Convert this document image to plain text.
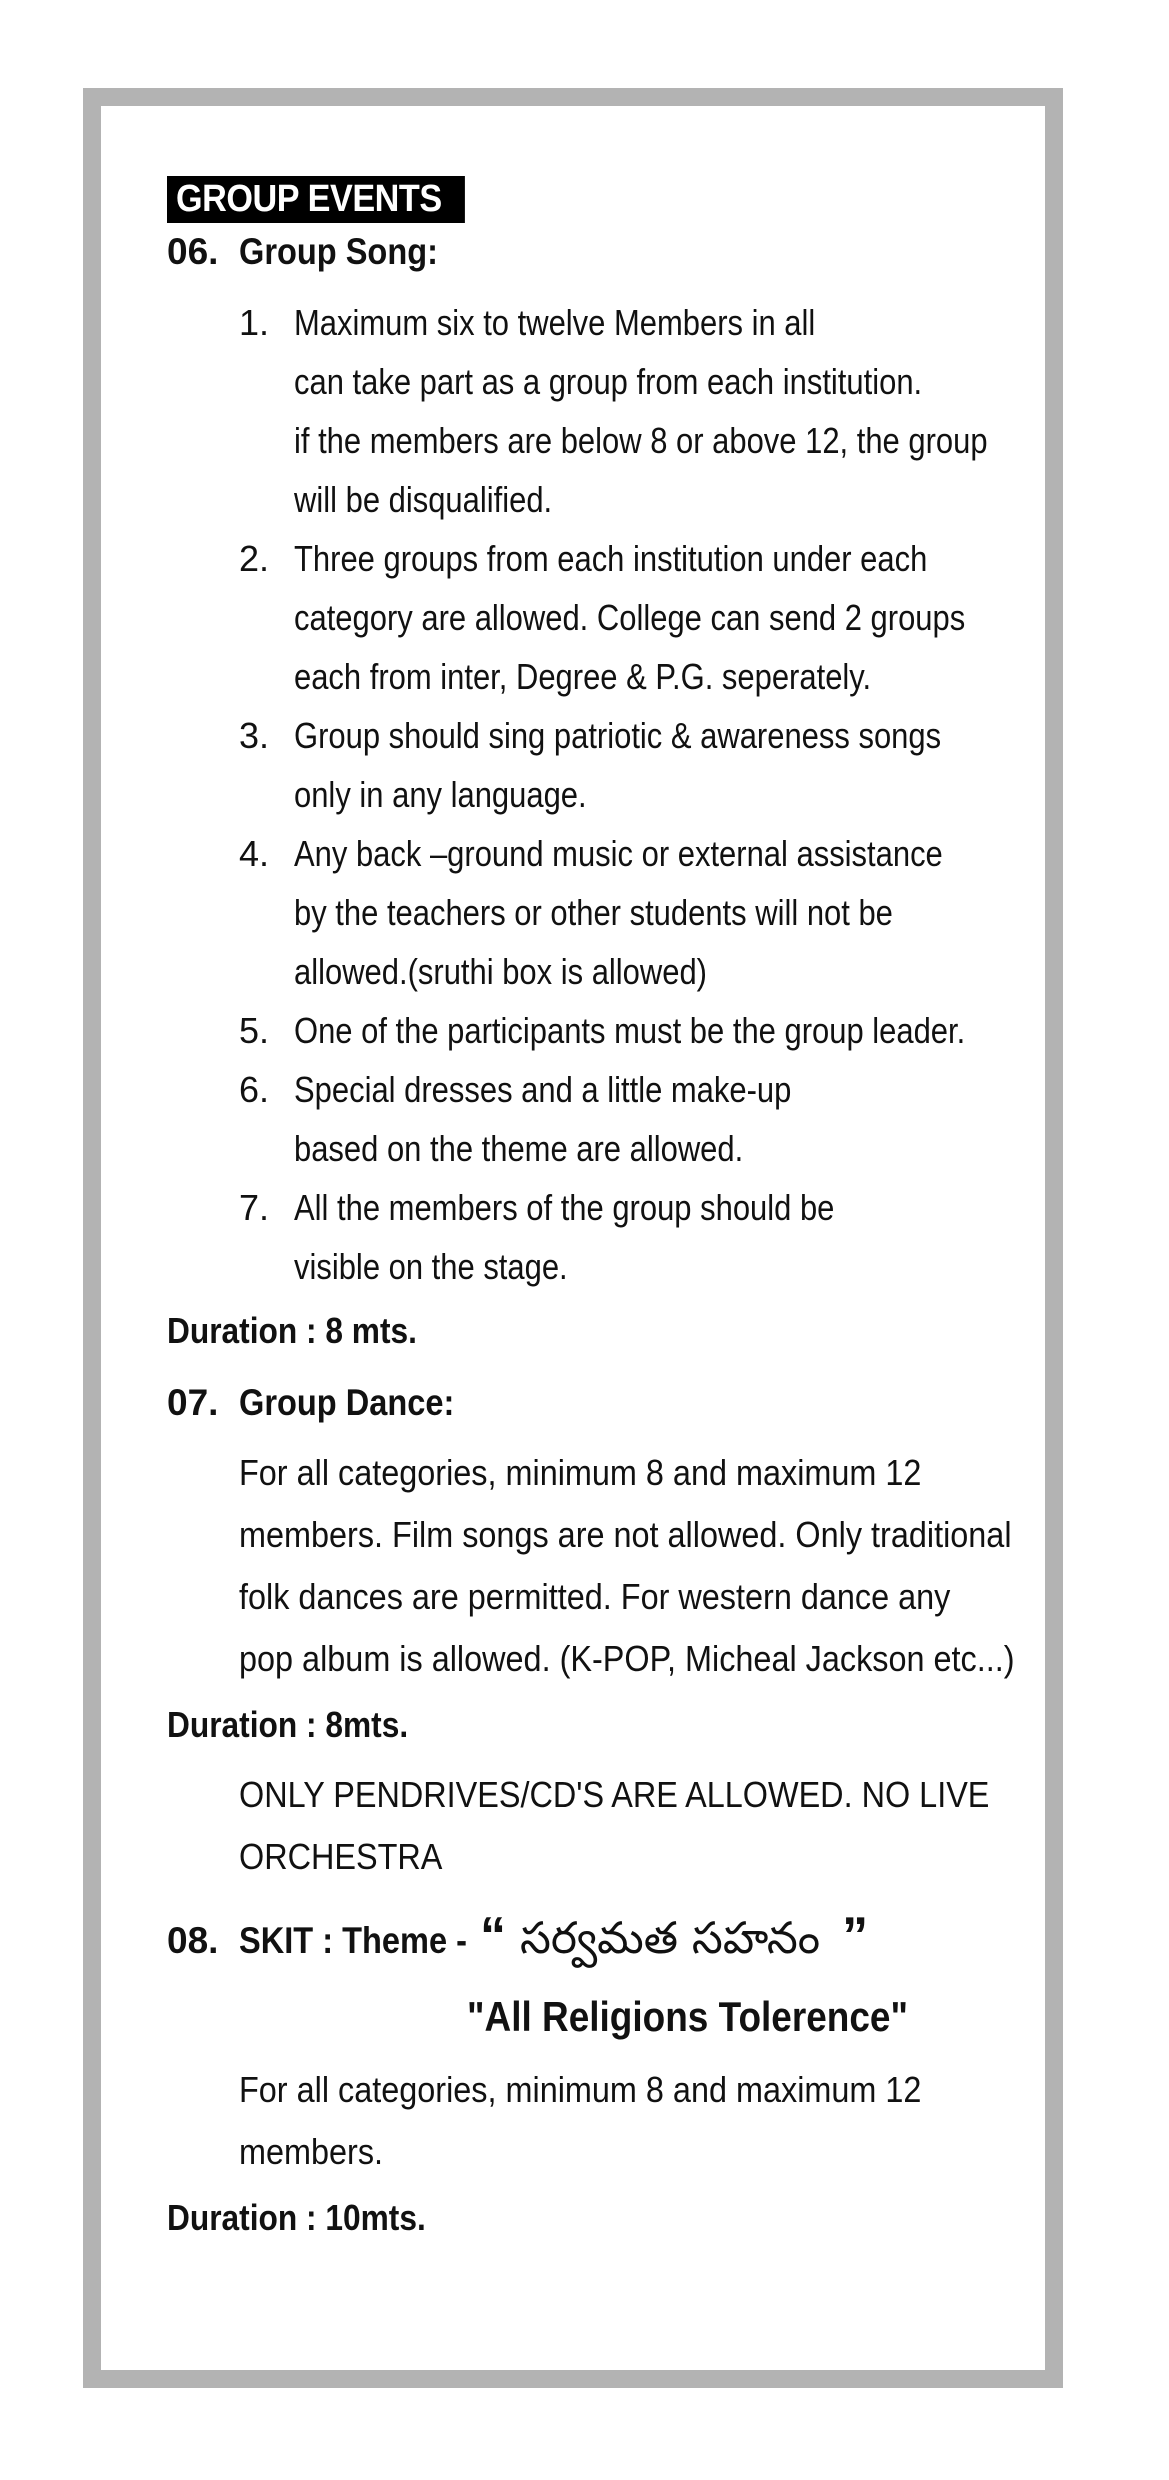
GROUP EVENTS
06. Group Song:
1. Maximum six to twelve Members in all
can take part as a group from each institution.
if the members are below 8 or above 12, the group
will be disqualified.
2. Three groups from each institution under each
category are allowed. College can send 2 groups
each from inter, Degree & P.G. seperately.
3. Group should sing patriotic & awareness songs
only in any language.
4. Any back –ground music or external assistance
by the teachers or other students will not be
allowed.(sruthi box is allowed)
5. One of the participants must be the group leader.
6. Special dresses and a little make-up
based on the theme are allowed.
7. All the members of the group should be
visible on the stage.
Duration : 8 mts.
07. Group Dance:
For all categories, minimum 8 and maximum 12
members. Film songs are not allowed. Only traditional
folk dances are permitted. For western dance any
pop album is allowed. (K-POP, Micheal Jackson etc...)
Duration : 8mts.
ONLY PENDRIVES/CD'S ARE ALLOWED. NO LIVE
ORCHESTRA
08. SKIT : Theme - “ సర్వమత సహనం ”
"All Religions Tolerence"
For all categories, minimum 8 and maximum 12
members.
Duration : 10mts.
